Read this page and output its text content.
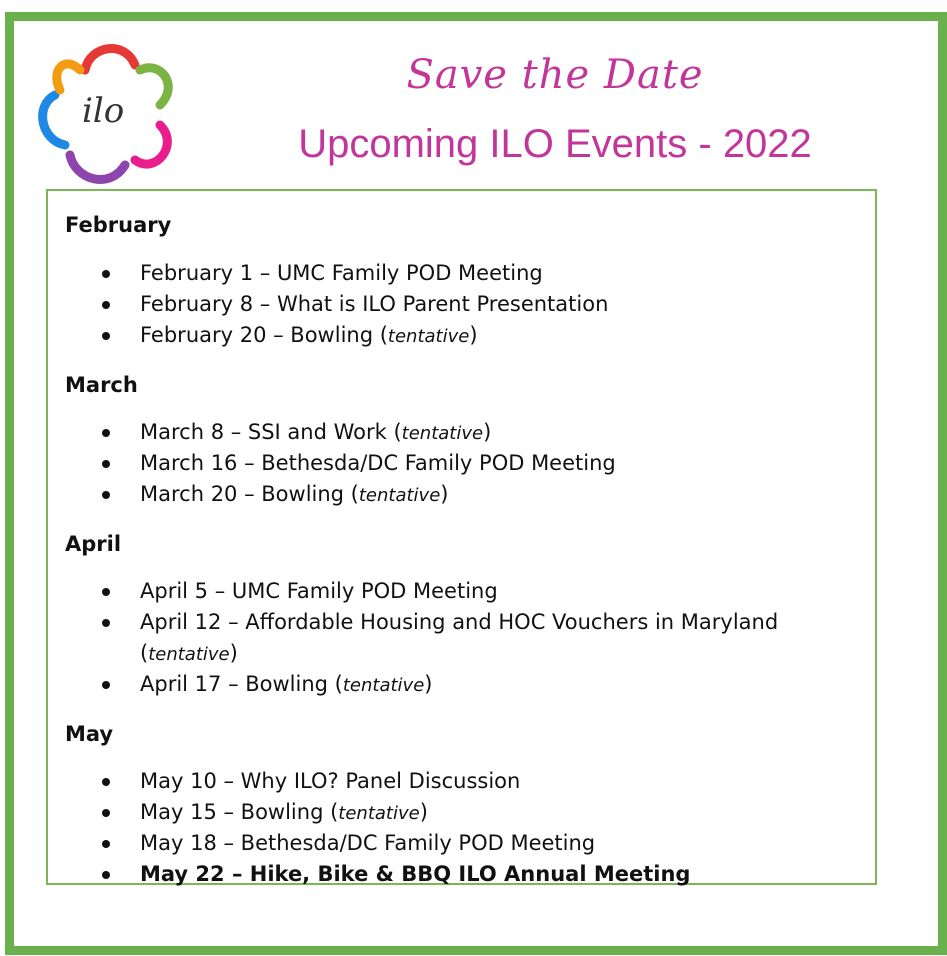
ilo
Save the Date
Upcoming ILO Events - 2022
February
February 1 – UMC Family POD Meeting
February 8 – What is ILO Parent Presentation
February 20 – Bowling (tentative)
March
March 8 – SSI and Work (tentative)
March 16 – Bethesda/DC Family POD Meeting
March 20 – Bowling (tentative)
April
April 5 – UMC Family POD Meeting
April 12 – Affordable Housing and HOC Vouchers in Maryland
(tentative)
April 17 – Bowling (tentative)
May
May 10 – Why ILO? Panel Discussion
May 15 – Bowling (tentative)
May 18 – Bethesda/DC Family POD Meeting
May 22 – Hike, Bike & BBQ ILO Annual Meeting
